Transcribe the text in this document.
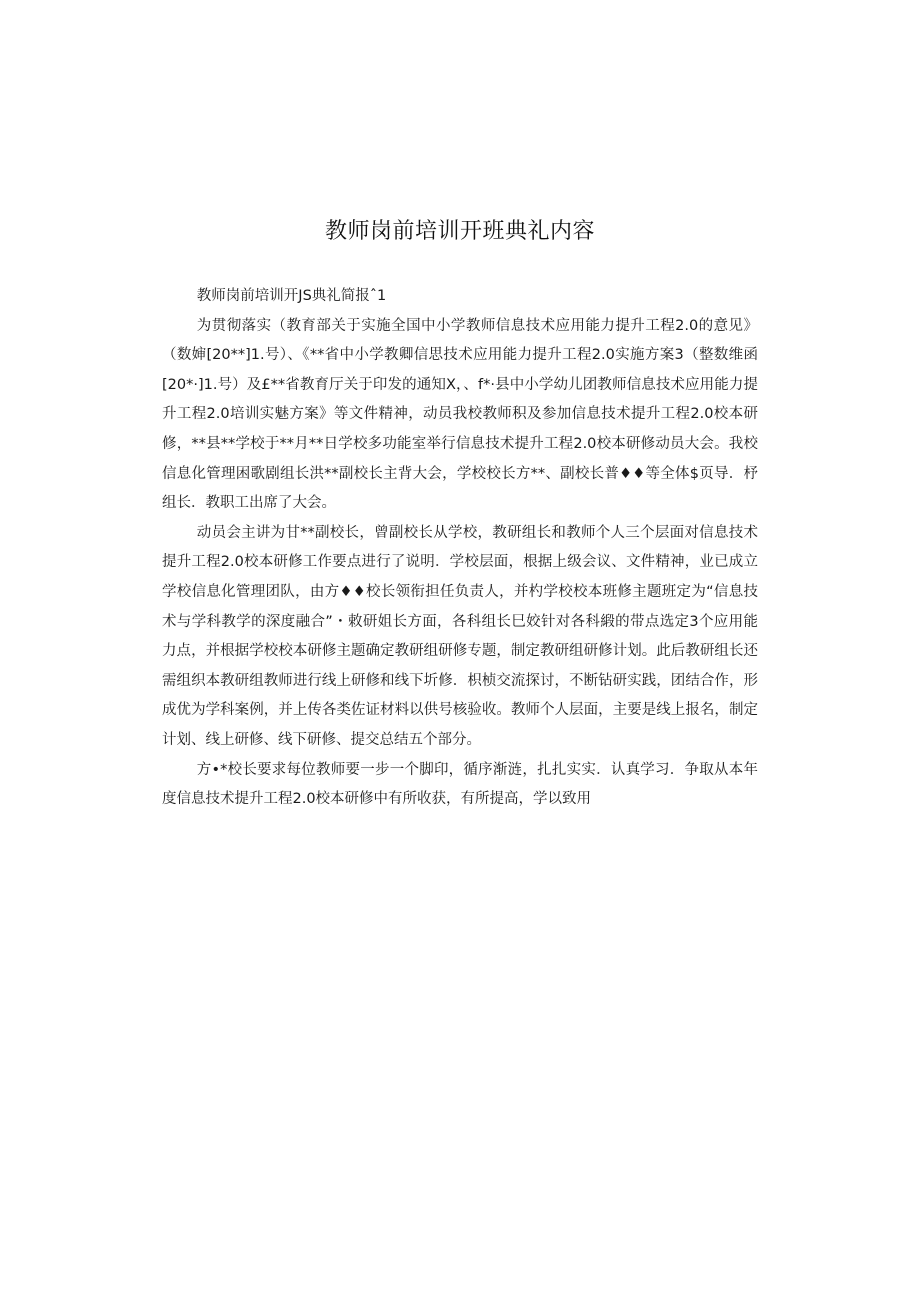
教师岗前培训开班典礼内容

教师岗前培训开JS典礼简报ˆ1

为贯彻落实（教育部关于实施全国中小学教师信息技术应用能力提升工程2.0的意见》（数婶[20**]1.号）、《**省中小学教卿信思技术应用能力提升工程2.0实施方案3（整数维函[20*·]1.号）及£**省教育厅关于印发的通知X，、f*·县中小学幼儿团教师信息技术应用能力提升工程2.0培训实魅方案》等文件精神，动员我校教师积及参加信息技术提升工程2.0校本研修，**县**学校于**月**日学校多功能室举行信息技术提升工程2.0校本研修动员大会。我校信息化管理困歌剧组长洪**副校长主背大会，学校校长方**、副校长普♦♦等全体$页导．杼组长．教职工出席了大会。

动员会主讲为甘**副校长，曾副校长从学校，教研组长和教师个人三个层面对信息技术提升工程2.0校本研修工作要点进行了说明．学校层面，根据上级会议、文件精神，业已成立学校信息化管理团队，由方♦♦校长领衔担任负责人，并杓学校校本班修主题班定为“信息技术与学科教学的深度融合”・敕研姐长方面，各科组长巳姣针对各科緞的带点选定3个应用能力点，并根据学校校本研修主题确定教研组研修专题，制定教研组研修计划。此后教研组长还需组织本教研组教师进行线上研修和线下圻修．枳桢交流探讨，不断钻研实践，团结合作，形成优为学科案例，并上传各类佐证材料以供号核验收。教师个人层面，主要是线上报名，制定计划、线上研修、线下研修、提交总结五个部分。

方•*校长要求每位教师要一步一个脚印，循序渐涟，扎扎实实．认真学习．争取从本年度信息技术提升工程2.0校本研修中有所收获，有所提高，学以致用
